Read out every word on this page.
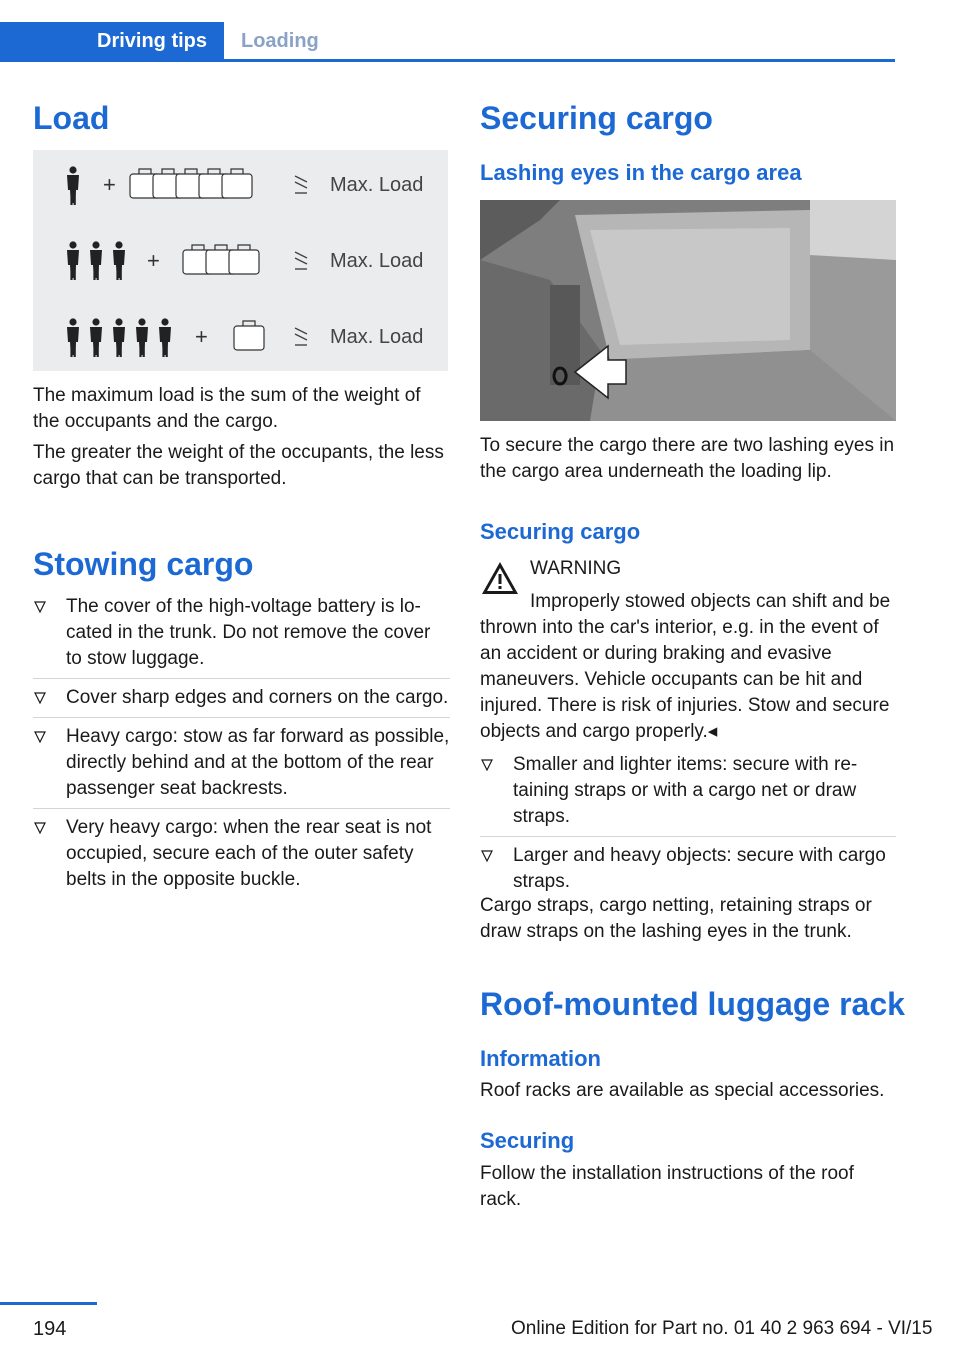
Driving tips	Loading
Load
+	Max. Load
+	Max. Load
+	Max. Load

The maximum load is the sum of the weight of the occupants and the cargo.

The greater the weight of the occupants, the less cargo that can be transported.

Stowing cargo
The cover of the high-voltage battery is located in the trunk. Do not remove the cover to stow luggage.
Cover sharp edges and corners on the cargo.
Heavy cargo: stow as far forward as possible, directly behind and at the bottom of the rear passenger seat backrests.
Very heavy cargo: when the rear seat is not occupied, secure each of the outer safety belts in the opposite buckle.
Securing cargo
Lashing eyes in the cargo area

To secure the cargo there are two lashing eyes in the cargo area underneath the loading lip.

Securing cargo
WARNING
Improperly stowed objects can shift and be thrown into the car's interior, e.g. in the event of an accident or during braking and evasive maneuvers. Vehicle occupants can be hit and injured. There is risk of injuries. Stow and secure objects and cargo properly.◂
Smaller and lighter items: secure with retaining straps or with a cargo net or draw straps.
Larger and heavy objects: secure with cargo straps.

Cargo straps, cargo netting, retaining straps or draw straps on the lashing eyes in the trunk.

Roof-mounted luggage rack
Information

Roof racks are available as special accessories.

Securing

Follow the installation instructions of the roof rack.

194	Online Edition for Part no. 01 40 2 963 694 - VI/15
